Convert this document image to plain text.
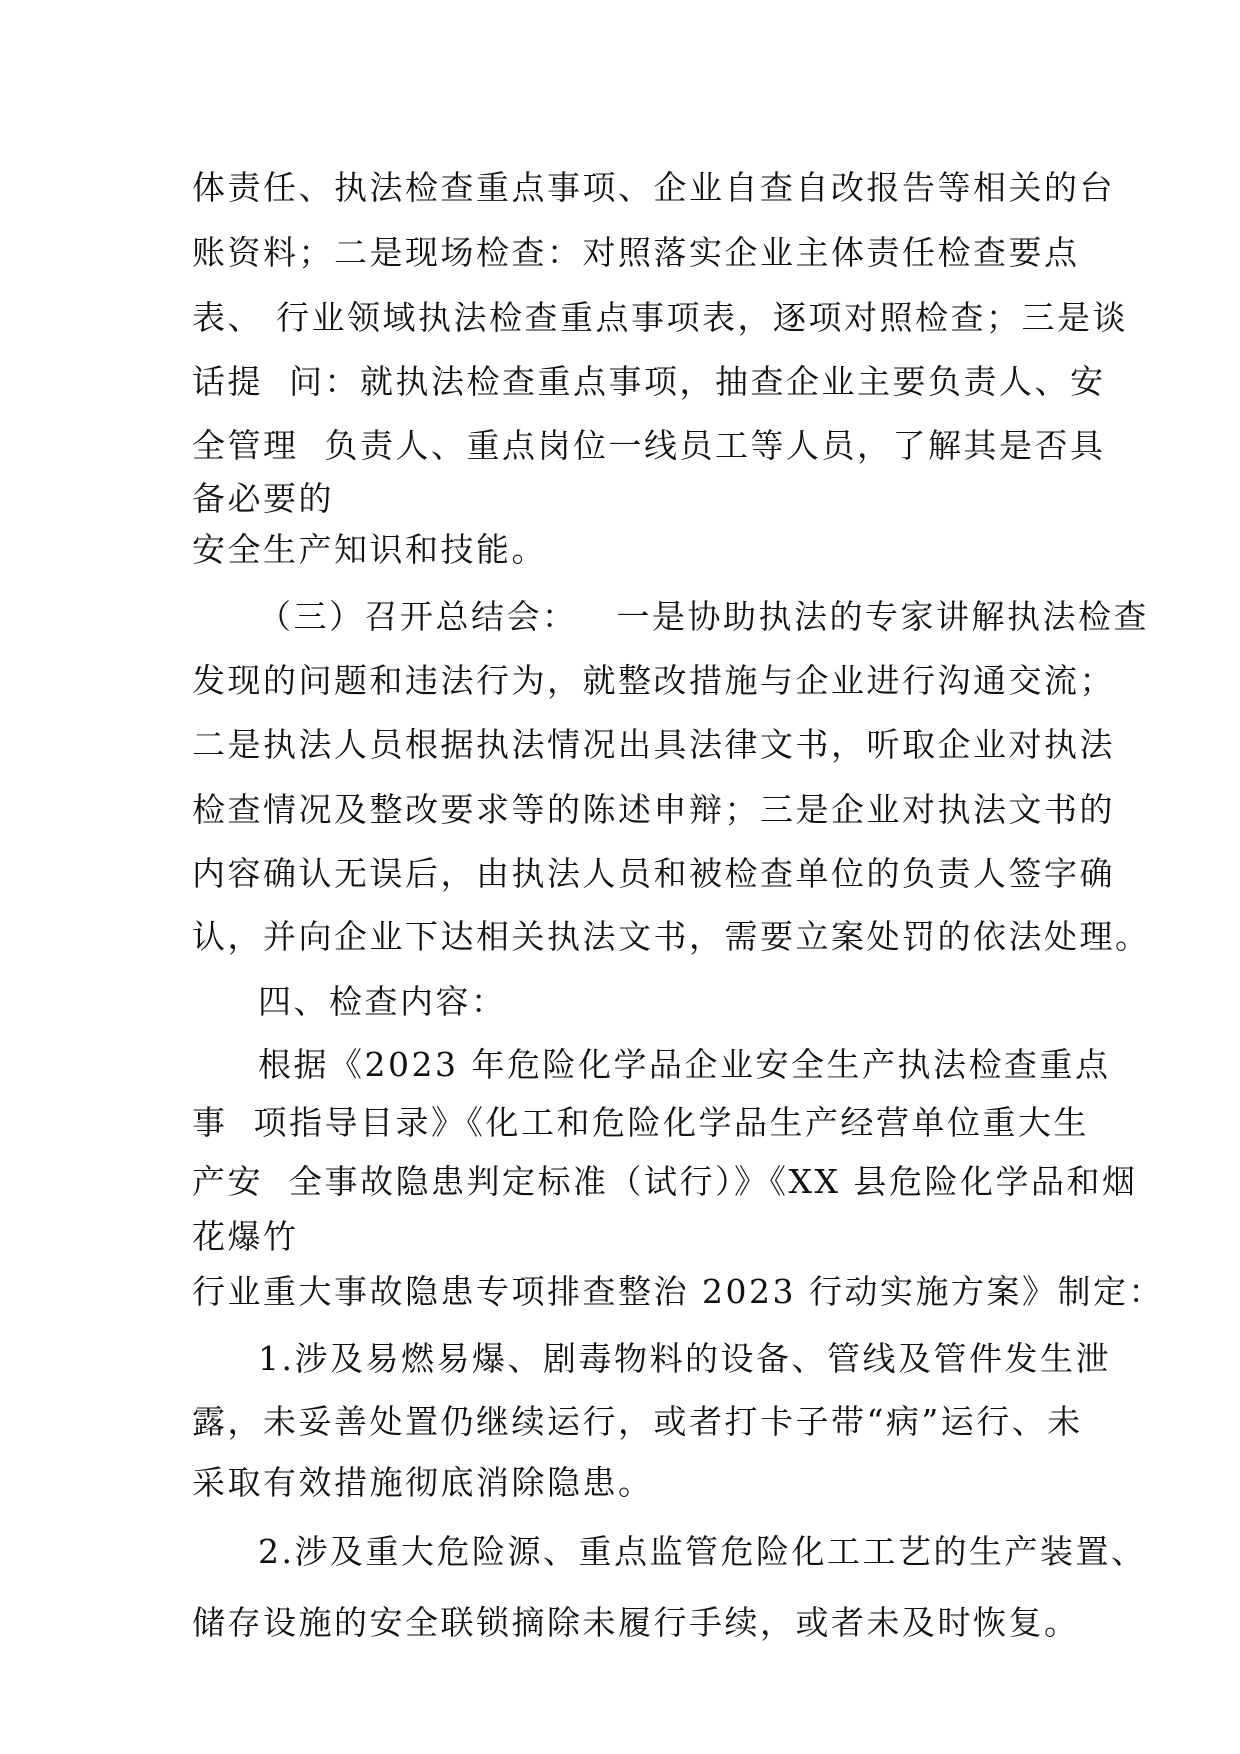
体责任、执法检查重点事项、企业自查自改报告等相关的台
账资料；二是现场检查：对照落实企业主体责任检查要点
表、 行业领域执法检查重点事项表，逐项对照检查；三是谈
话提  问：就执法检查重点事项，抽查企业主要负责人、安
全管理  负责人、重点岗位一线员工等人员，了解其是否具
备必要的
安全生产知识和技能。
（三）召开总结会：   一是协助执法的专家讲解执法检查
发现的问题和违法行为，就整改措施与企业进行沟通交流；
二是执法人员根据执法情况出具法律文书，听取企业对执法
检查情况及整改要求等的陈述申辩；三是企业对执法文书的
内容确认无误后，由执法人员和被检查单位的负责人签字确
认，并向企业下达相关执法文书，需要立案处罚的依法处理。
四、检查内容：
根据《2023 年危险化学品企业安全生产执法检查重点
事  项指导目录》《化工和危险化学品生产经营单位重大生
产安  全事故隐患判定标准（试行）》《XX 县危险化学品和烟
花爆竹
行业重大事故隐患专项排查整治 2023 行动实施方案》制定：
1.涉及易燃易爆、剧毒物料的设备、管线及管件发生泄
露，未妥善处置仍继续运行，或者打卡子带“病”运行、未
采取有效措施彻底消除隐患。
2.涉及重大危险源、重点监管危险化工工艺的生产装置、
储存设施的安全联锁摘除未履行手续，或者未及时恢复。
